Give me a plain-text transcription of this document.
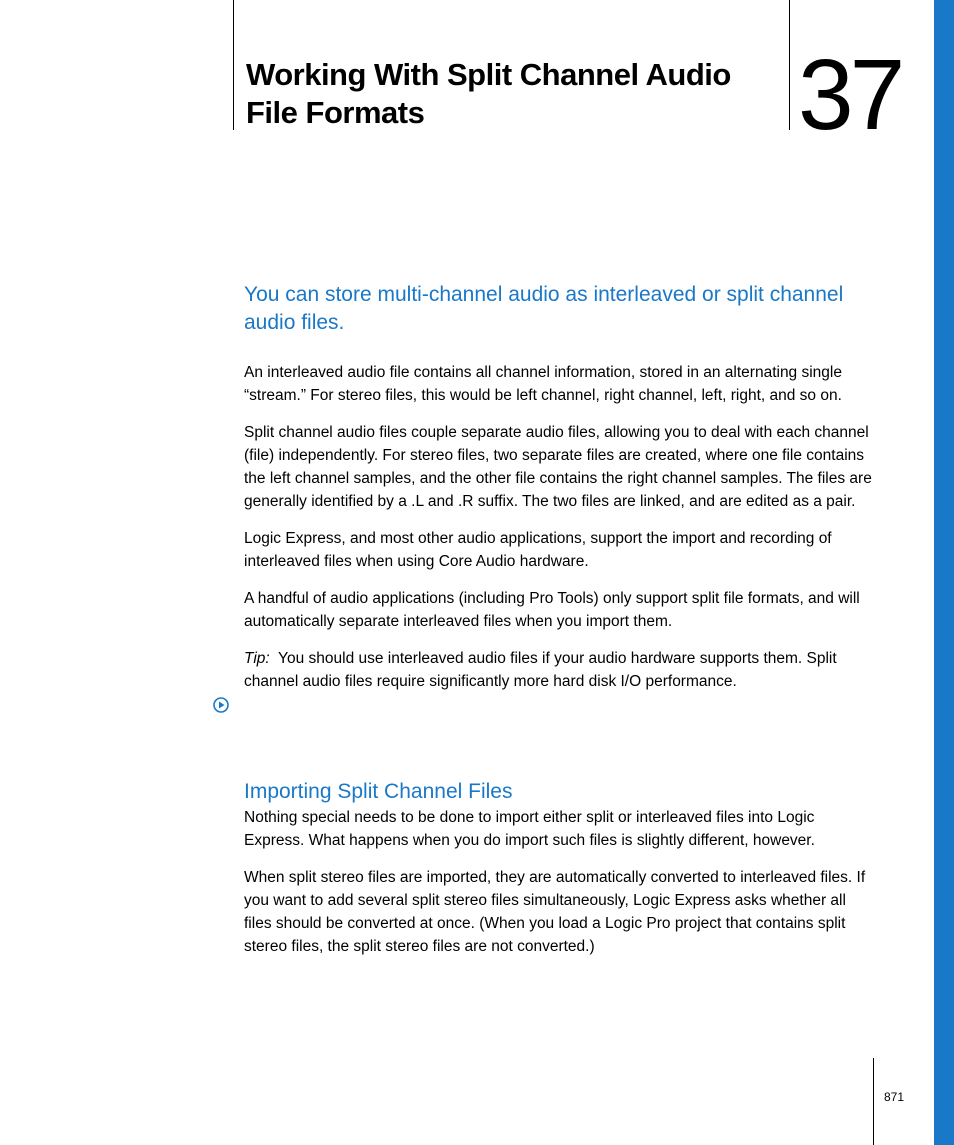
Working With Split Channel Audio
File Formats	37
You can store multi-channel audio as interleaved or split channel audio files.

An interleaved audio file contains all channel information, stored in an alternating single “stream.” For stereo files, this would be left channel, right channel, left, right, and so on.

Split channel audio files couple separate audio files, allowing you to deal with each channel (file) independently. For stereo files, two separate files are created, where one file contains the left channel samples, and the other file contains the right channel samples. The files are generally identified by a .L and .R suffix. The two files are linked, and are edited as a pair.

Logic Express, and most other audio applications, support the import and recording of interleaved files when using Core Audio hardware.

A handful of audio applications (including Pro Tools) only support split file formats, and will automatically separate interleaved files when you import them.

Tip: You should use interleaved audio files if your audio hardware supports them. Split channel audio files require significantly more hard disk I/O performance.

Importing Split Channel Files

Nothing special needs to be done to import either split or interleaved files into Logic Express. What happens when you do import such files is slightly different, however.

When split stereo files are imported, they are automatically converted to interleaved files. If you want to add several split stereo files simultaneously, Logic Express asks whether all files should be converted at once. (When you load a Logic Pro project that contains split stereo files, the split stereo files are not converted.)

871
